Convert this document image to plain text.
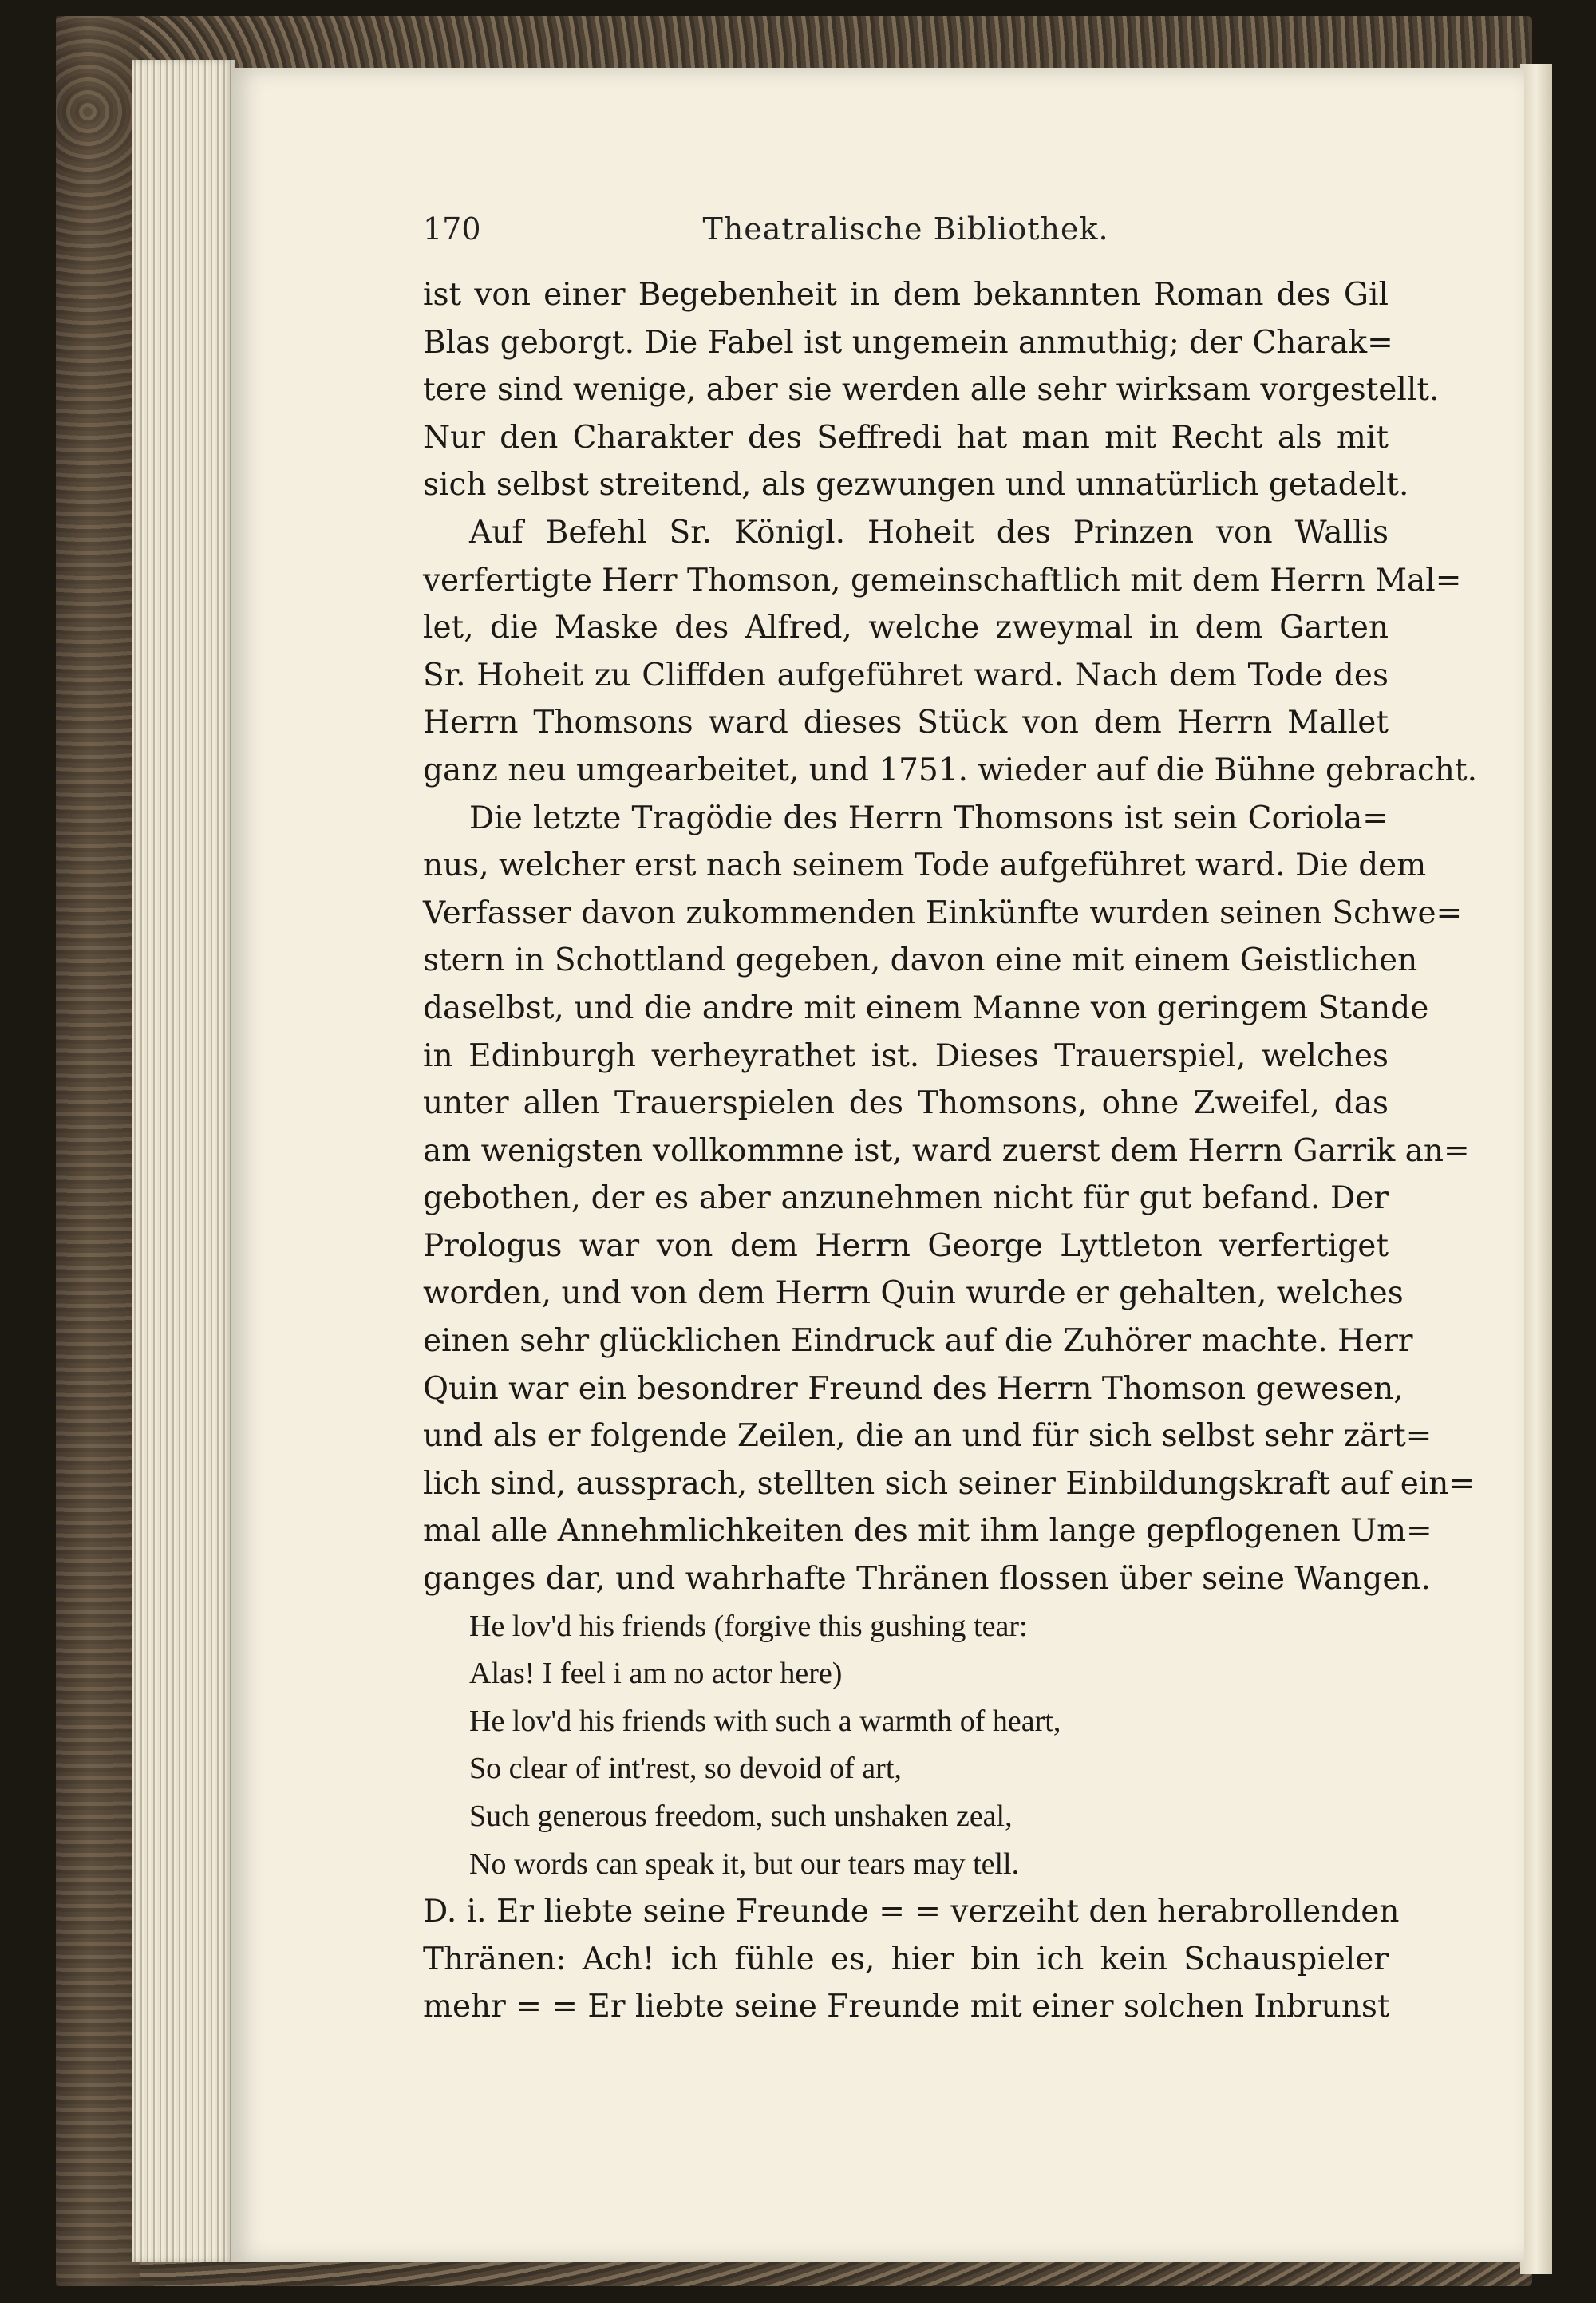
170	Theatralische Bibliothek.
ist von einer Begebenheit in dem bekannten Roman des Gil
Blas geborgt. Die Fabel ist ungemein anmuthig; der Charak=
tere sind wenige, aber sie werden alle sehr wirksam vorgestellt.
Nur den Charakter des Seffredi hat man mit Recht als mit
sich selbst streitend, als gezwungen und unnatürlich getadelt.
Auf Befehl Sr. Königl. Hoheit des Prinzen von Wallis
verfertigte Herr Thomson, gemeinschaftlich mit dem Herrn Mal=
let, die Maske des Alfred, welche zweymal in dem Garten
Sr. Hoheit zu Cliffden aufgeführet ward. Nach dem Tode des
Herrn Thomsons ward dieses Stück von dem Herrn Mallet
ganz neu umgearbeitet, und 1751. wieder auf die Bühne gebracht.
Die letzte Tragödie des Herrn Thomsons ist sein Coriola=
nus, welcher erst nach seinem Tode aufgeführet ward. Die dem
Verfasser davon zukommenden Einkünfte wurden seinen Schwe=
stern in Schottland gegeben, davon eine mit einem Geistlichen
daselbst, und die andre mit einem Manne von geringem Stande
in Edinburgh verheyrathet ist. Dieses Trauerspiel, welches
unter allen Trauerspielen des Thomsons, ohne Zweifel, das
am wenigsten vollkommne ist, ward zuerst dem Herrn Garrik an=
gebothen, der es aber anzunehmen nicht für gut befand. Der
Prologus war von dem Herrn George Lyttleton verfertiget
worden, und von dem Herrn Quin wurde er gehalten, welches
einen sehr glücklichen Eindruck auf die Zuhörer machte. Herr
Quin war ein besondrer Freund des Herrn Thomson gewesen,
und als er folgende Zeilen, die an und für sich selbst sehr zärt=
lich sind, aussprach, stellten sich seiner Einbildungskraft auf ein=
mal alle Annehmlichkeiten des mit ihm lange gepflogenen Um=
ganges dar, und wahrhafte Thränen flossen über seine Wangen.
He lov'd his friends (forgive this gushing tear:
Alas! I feel i am no actor here)
He lov'd his friends with such a warmth of heart,
So clear of int'rest, so devoid of art,
Such generous freedom, such unshaken zeal,
No words can speak it, but our tears may tell.
D. i. Er liebte seine Freunde = = verzeiht den herabrollenden
Thränen: Ach! ich fühle es, hier bin ich kein Schauspieler
mehr = = Er liebte seine Freunde mit einer solchen Inbrunst
